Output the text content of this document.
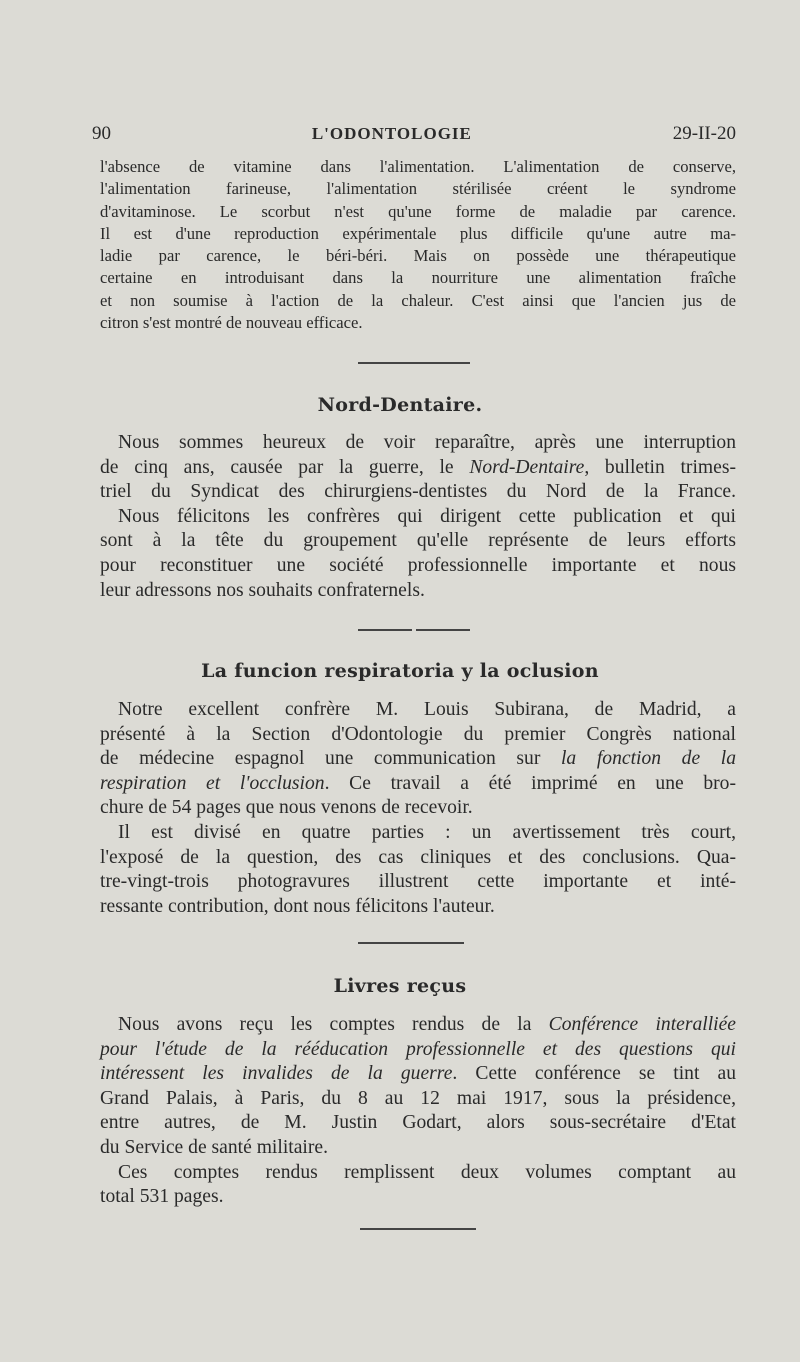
90	L'ODONTOLOGIE	29-II-20

l'absence de vitamine dans l'alimentation. L'alimentation de conserve,

l'alimentation farineuse, l'alimentation stérilisée créent le syndrome

d'avitaminose. Le scorbut n'est qu'une forme de maladie par carence.

Il est d'une reproduction expérimentale plus difficile qu'une autre ma-

ladie par carence, le béri-béri. Mais on possède une thérapeutique

certaine en introduisant dans la nourriture une alimentation fraîche

et non soumise à l'action de la chaleur. C'est ainsi que l'ancien jus de

citron s'est montré de nouveau efficace.

Nord-Dentaire.

Nous sommes heureux de voir reparaître, après une interruption

de cinq ans, causée par la guerre, le Nord-Dentaire, bulletin trimes-

triel du Syndicat des chirurgiens-dentistes du Nord de la France.

Nous félicitons les confrères qui dirigent cette publication et qui

sont à la tête du groupement qu'elle représente de leurs efforts

pour reconstituer une société professionnelle importante et nous

leur adressons nos souhaits confraternels.

La funcion respiratoria y la oclusion

Notre excellent confrère M. Louis Subirana, de Madrid, a

présenté à la Section d'Odontologie du premier Congrès national

de médecine espagnol une communication sur la fonction de la

respiration et l'occlusion. Ce travail a été imprimé en une bro-

chure de 54 pages que nous venons de recevoir.

Il est divisé en quatre parties : un avertissement très court,

l'exposé de la question, des cas cliniques et des conclusions. Qua-

tre-vingt-trois photogravures illustrent cette importante et inté-

ressante contribution, dont nous félicitons l'auteur.

Livres reçus

Nous avons reçu les comptes rendus de la Conférence interalliée

pour l'étude de la rééducation professionnelle et des questions qui

intéressent les invalides de la guerre. Cette conférence se tint au

Grand Palais, à Paris, du 8 au 12 mai 1917, sous la présidence,

entre autres, de M. Justin Godart, alors sous-secrétaire d'Etat

du Service de santé militaire.

Ces comptes rendus remplissent deux volumes comptant au

total 531 pages.
